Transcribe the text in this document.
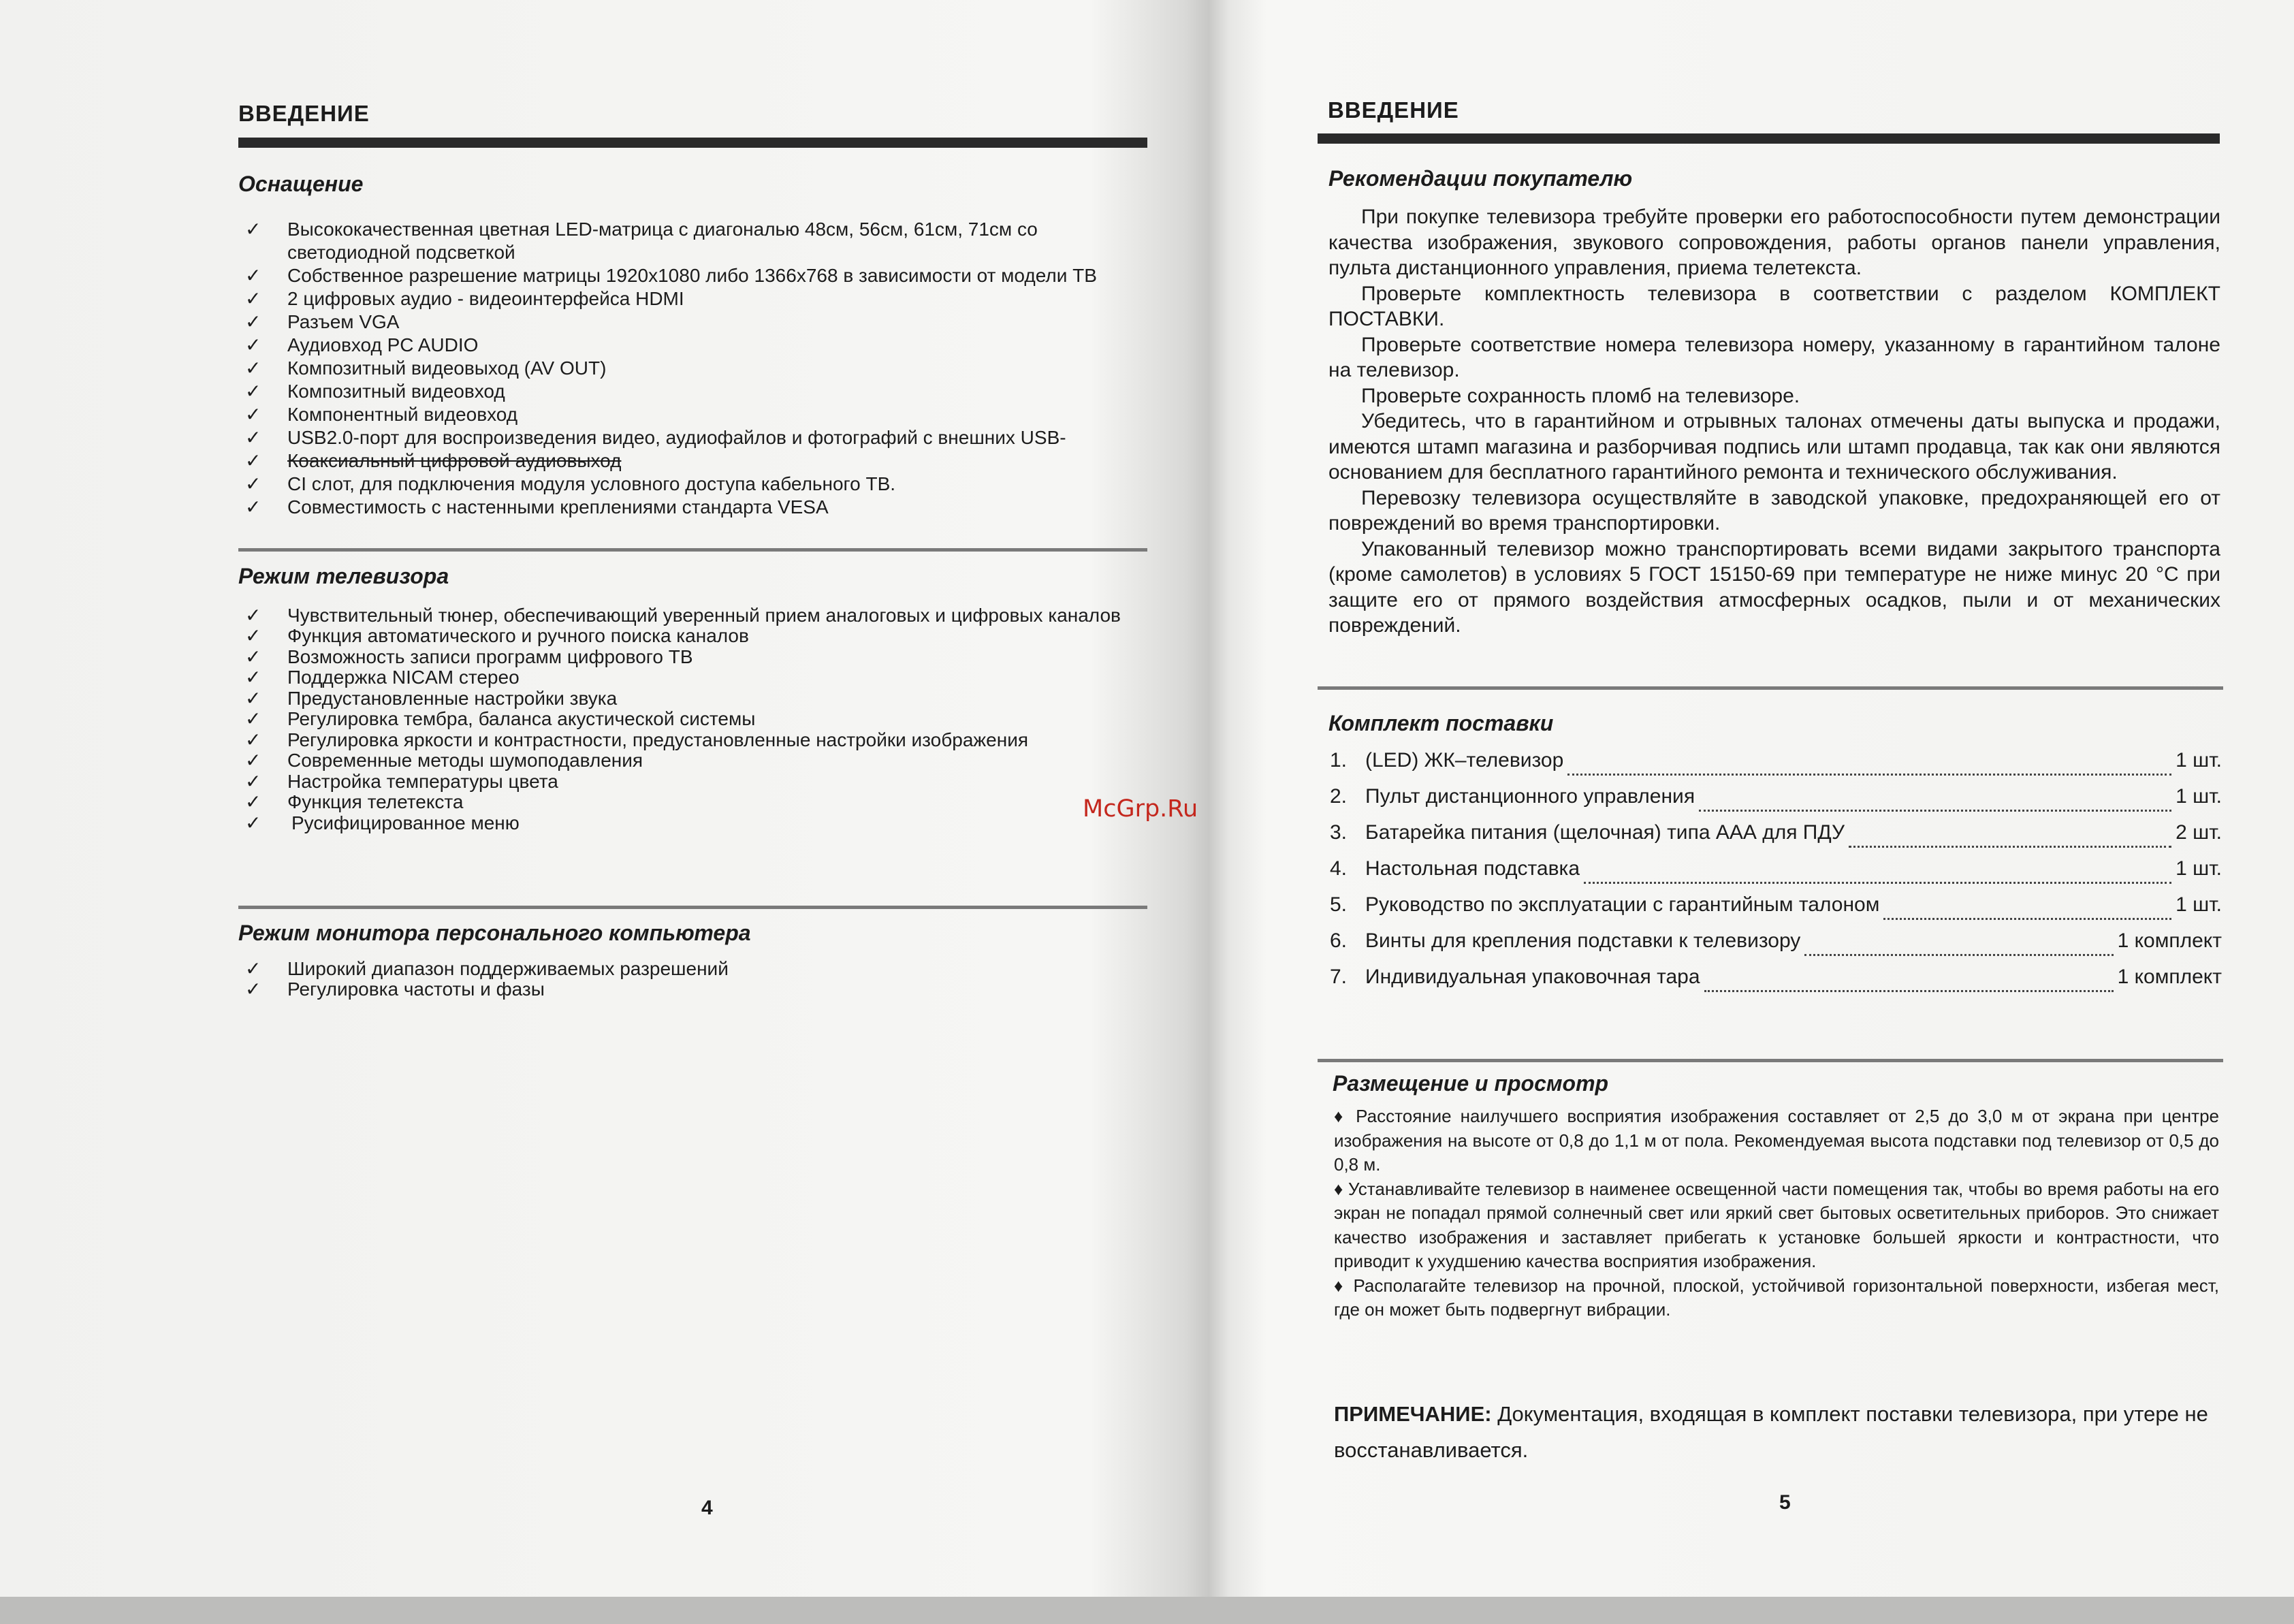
ВВЕДЕНИЕ
Оснащение
✓	Высококачественная цветная LED-матрица с диагональю 48см, 56см, 61см, 71см со светодиодной подсветкой
✓	Собственное разрешение матрицы 1920x1080 либо 1366x768 в зависимости от модели ТВ
✓	2 цифровых аудио - видеоинтерфейса HDMI
✓	Разъем VGA
✓	Аудиовход PC AUDIO
✓	Композитный видеовыход (AV OUT)
✓	Композитный видеовход
✓	Компонентный видеовход
✓	USB2.0-порт для воспроизведения видео, аудиофайлов и фотографий с внешних USB-
✓	Коаксиальный цифровой аудиовыход
✓	CI слот, для подключения модуля условного доступа кабельного ТВ.
✓	Совместимость с настенными креплениями стандарта VESA
Режим телевизора
✓	Чувствительный тюнер, обеспечивающий уверенный прием аналоговых и цифровых каналов
✓	Функция автоматического и ручного поиска каналов
✓	Возможность записи программ цифрового ТВ
✓	Поддержка NICAM стерео
✓	Предустановленные настройки звука
✓	Регулировка тембра, баланса акустической системы
✓	Регулировка яркости и контрастности, предустановленные настройки изображения
✓	Современные методы шумоподавления
✓	Настройка температуры цвета
✓	Функция телетекста
✓	Русифицированное меню
Режим монитора персонального компьютера
✓	Широкий диапазон поддерживаемых разрешений
✓	Регулировка частоты и фазы
4
McGrp.Ru
ВВЕДЕНИЕ
Рекомендации покупателю

При покупке телевизора требуйте проверки его работоспособности путем демонстрации качества изображения, звукового сопровождения, работы органов панели управления, пульта дистанционного управления, приема телетекста.

Проверьте комплектность телевизора в соответствии с разделом КОМПЛЕКТ ПОСТАВКИ.

Проверьте соответствие номера телевизора номеру, указанному в гарантийном талоне на телевизор.

Проверьте сохранность пломб на телевизоре.

Убедитесь, что в гарантийном и отрывных талонах отмечены даты выпуска и продажи, имеются штамп магазина и разборчивая подпись или штамп продавца, так как они являются основанием для бесплатного гарантийного ремонта и технического обслуживания.

Перевозку телевизора осуществляйте в заводской упаковке, предохраняющей его от повреждений во время транспортировки.

Упакованный телевизор можно транспортировать всеми видами закрытого транспорта (кроме самолетов) в условиях 5 ГОСТ 15150-69 при температуре не ниже минус 20 °С при защите его от прямого воздействия атмосферных осадков, пыли и от механических повреждений.

Комплект поставки
1. (LED) ЖК–телевизор	1 шт.
2. Пульт дистанционного управления	1 шт.
3. Батарейка питания (щелочная) типа ААА для ПДУ	2 шт.
4. Настольная подставка	1 шт.
5. Руководство по эксплуатации с гарантийным талоном	1 шт.
6. Винты для крепления подставки к телевизору	1 комплект
7. Индивидуальная упаковочная тара	1 комплект
Размещение и просмотр

♦ Расстояние наилучшего восприятия изображения составляет от 2,5 до 3,0 м от экрана при центре изображения на высоте от 0,8 до 1,1 м от пола. Рекомендуемая высота подставки под телевизор от 0,5 до 0,8 м.

♦ Устанавливайте телевизор в наименее освещенной части помещения так, чтобы во время работы на его экран не попадал прямой солнечный свет или яркий свет бытовых осветительных приборов. Это снижает качество изображения и заставляет прибегать к установке большей яркости и контрастности, что приводит к ухудшению качества восприятия изображения.

♦ Располагайте телевизор на прочной, плоской, устойчивой горизонтальной поверхности, избегая мест, где он может быть подвергнут вибрации.

ПРИМЕЧАНИЕ: Документация, входящая в комплект поставки телевизора, при утере не восстанавливается.
5
